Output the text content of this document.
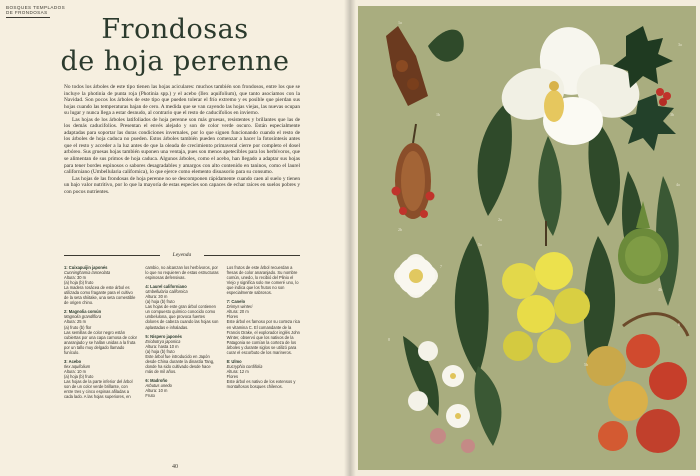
BOSQUES TEMPLADOS
DE FRONDOSAS
Frondosas
de hoja perenne

No todos los árboles de este tipo tienen las hojas aciculares: muchos también son frondosos, entre los que se incluye la photinia de punta roja (Photinia spp.) y el acebo (Ilex aquifolium), que tanto asociamos con la Navidad. Son pocos los árboles de este tipo que pueden tolerar el frío extremo y es posible que pierdan sus hojas cuando las temperaturas bajan de cero. A medida que se van cayendo las hojas viejas, las nuevas ocupan su lugar y nunca llega a estar desnudo, al contrario que el resto de caducifolios en invierno.

Las hojas de los árboles latifoliados de hoja perenne son más gruesas, resistentes y brillantes que las de los demás caducifolios. Presentan el envés alejado y son de color verde oscuro. Están especialmente adaptadas para soportar las duras condiciones invernales, por lo que siguen funcionando cuando el resto de los árboles de hoja caduca no pueden. Estos árboles también pueden comenzar a hacer la fotosíntesis antes que el resto y acceder a la luz antes de que la oleada de crecimiento primaveral cierre por completo el dosel arbóreo. Sus gruesas hojas también suponen una ventaja, pues son menos apetecibles para los herbívoros, que se alimentan de sus primos de hoja caduca. Algunos árboles, como el acebo, han llegado a adaptar sus hojas para tener bordes espinosos o sabores desagradables y amargos con alto contenido en taninos, como el laurel californiano (Umbellularia californica), lo que ejerce como elemento disuasorio para su consumo.

Las hojas de las frondosas de hoja perenne no se descomponen rápidamente cuando caen al suelo y tienen un bajo valor nutritivo, por lo que la mayoría de estas especies son capaces de echar raíces en suelos pobres y con pocos nutrientes.

Leyenda
1: Cuixapuijin japonés
Cunninghamia lanceolata
Altura: 30 m
(a) hoja (b) fruto
La madera rosácea de este árbol es utilizada como fragante para el cultivo de la seta shiitake, una seta comestible de origen chino.
2: Magnolia común
Magnolia grandiflora
Altura: 25 m
(a) fruto (b) flor
Las semillas de color negro están cubiertas por una capa carnosa de color anaranjado y se hallan unidas a la fruta por un tallo muy delgado llamado funículo.
3: Acebo
Ilex aquifolium
Altura: 10 m
(a) hoja (b) fruto
Las hojas de la parte inferior del árbol son de un color verde brillante, con entre tres y cinco espinas afiladas a cada lado. A las hojas superiores, en
cambio, no alcanzan los herbívoros, por lo que no requieren de estas estructuras espinosas defensivas.
4: Laurel californiano
Umbellularia californica
Altura: 30 m
(a) hoja (b) fruto
Las hojas de este gran árbol contienen un compuesto químico conocido como umbelulona, que provoca fuertes dolores de cabeza cuando las hojas son aplastadas e inhaladas.
5: Níspero japonés
Eriobotrya japonica
Altura: hasta 10 m
(a) hoja (b) fruto
Este árbol fue introducido en Japón desde China durante la dinastía Tang, donde ha sido cultivado desde hace más de mil años.
6: Madroño
Arbutus unedo
Altura: 10 m
Fruto
Los frutos de este árbol recuerdan a fresas de color anaranjado. Su nombre común, unedo, lo recibió del Plinio el Viejo y significa solo me comeré uno, lo que indica que los frutos no son especialmente sabrosos.
7: Canelo
Drimys winteri
Altura: 20 m
Flores
Este árbol es famoso por su corteza rica en vitamina C. El comandante de la Francis Drake, el explorador inglés John Winter, observó que los nativos de la Patagonia se comían la corteza de los árboles y durante siglos se utilizó para curar el escorbuto de los marineros.
8: Ulmo
Eucryphia cordifolia
Altura: 12 m
Flores
Este árbol es nativo de los extensos y montañosos bosques chilenos.
40
1a
1b
2a
2b
3a
3b
4a
4b
5a
5b
6
7
8
